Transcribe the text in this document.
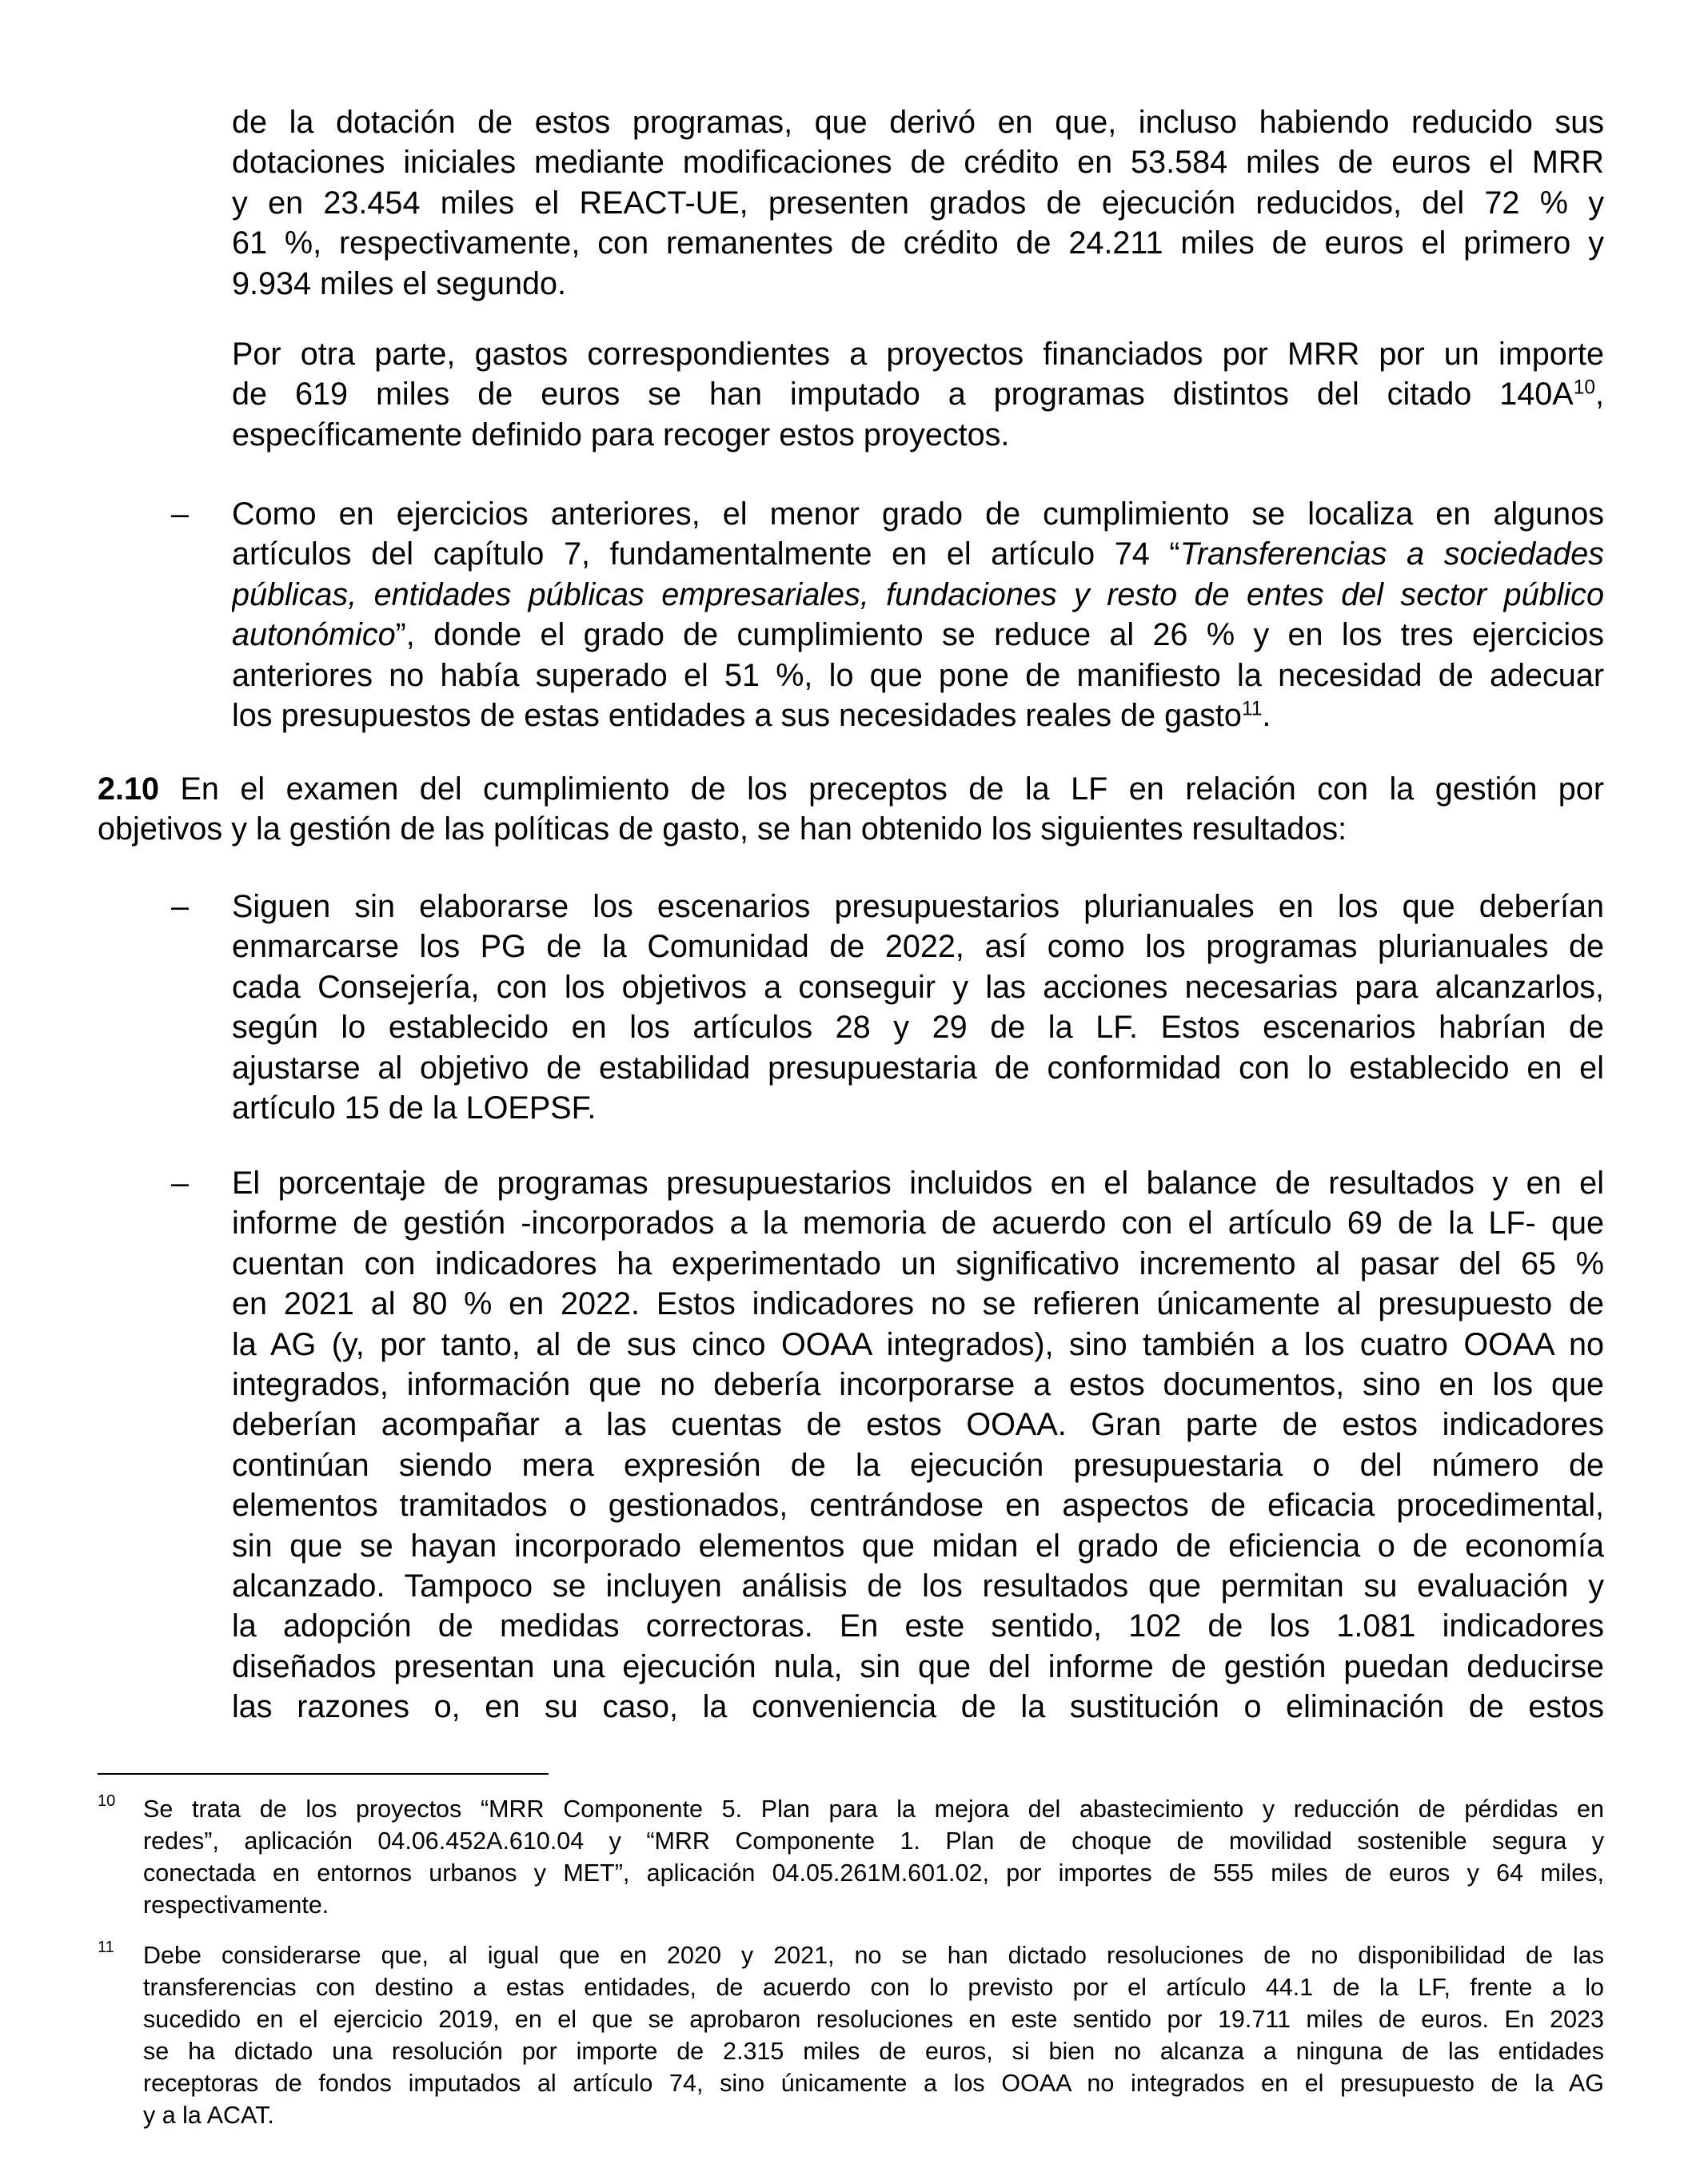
de la dotación de estos programas, que derivó en que, incluso habiendo reducido sus
dotaciones iniciales mediante modificaciones de crédito en 53.584 miles de euros el MRR
y en 23.454 miles el REACT-UE, presenten grados de ejecución reducidos, del 72 % y
61 %, respectivamente, con remanentes de crédito de 24.211 miles de euros el primero y
9.934 miles el segundo.
Por otra parte, gastos correspondientes a proyectos financiados por MRR por un importe
de 619 miles de euros se han imputado a programas distintos del citado $140A^{10}$,
específicamente definido para recoger estos proyectos.
Como en ejercicios anteriores, el menor grado de cumplimiento se localiza en algunos
artículos del capítulo 7, fundamentalmente en el artículo 74 “Transferencias a sociedades
públicas, entidades públicas empresariales, fundaciones y resto de entes del sector público
autonómico”, donde el grado de cumplimiento se reduce al 26 % y en los tres ejercicios
anteriores no había superado el 51 %, lo que pone de manifiesto la necesidad de adecuar
los presupuestos de estas entidades a sus necesidades reales de gasto$^{11}$.
–
2.10 En el examen del cumplimiento de los preceptos de la LF en relación con la gestión por
objetivos y la gestión de las políticas de gasto, se han obtenido los siguientes resultados:
Siguen sin elaborarse los escenarios presupuestarios plurianuales en los que deberían
enmarcarse los PG de la Comunidad de 2022, así como los programas plurianuales de
cada Consejería, con los objetivos a conseguir y las acciones necesarias para alcanzarlos,
según lo establecido en los artículos 28 y 29 de la LF. Estos escenarios habrían de
ajustarse al objetivo de estabilidad presupuestaria de conformidad con lo establecido en el
artículo 15 de la LOEPSF.
–
El porcentaje de programas presupuestarios incluidos en el balance de resultados y en el
informe de gestión -incorporados a la memoria de acuerdo con el artículo 69 de la LF- que
cuentan con indicadores ha experimentado un significativo incremento al pasar del 65 %
en 2021 al 80 % en 2022. Estos indicadores no se refieren únicamente al presupuesto de
la AG (y, por tanto, al de sus cinco OOAA integrados), sino también a los cuatro OOAA no
integrados, información que no debería incorporarse a estos documentos, sino en los que
deberían acompañar a las cuentas de estos OOAA. Gran parte de estos indicadores
continúan siendo mera expresión de la ejecución presupuestaria o del número de
elementos tramitados o gestionados, centrándose en aspectos de eficacia procedimental,
sin que se hayan incorporado elementos que midan el grado de eficiencia o de economía
alcanzado. Tampoco se incluyen análisis de los resultados que permitan su evaluación y
la adopción de medidas correctoras. En este sentido, 102 de los 1.081 indicadores
diseñados presentan una ejecución nula, sin que del informe de gestión puedan deducirse
las razones o, en su caso, la conveniencia de la sustitución o eliminación de estos
–
10 Se trata de los proyectos “MRR Componente 5. Plan para la mejora del abastecimiento y reducción de pérdidas en
redes”, aplicación 04.06.452A.610.04 y “MRR Componente 1. Plan de choque de movilidad sostenible segura y
conectada en entornos urbanos y MET”, aplicación 04.05.261M.601.02, por importes de 555 miles de euros y 64 miles,
respectivamente.
11 Debe considerarse que, al igual que en 2020 y 2021, no se han dictado resoluciones de no disponibilidad de las
transferencias con destino a estas entidades, de acuerdo con lo previsto por el artículo 44.1 de la LF, frente a lo
sucedido en el ejercicio 2019, en el que se aprobaron resoluciones en este sentido por 19.711 miles de euros. En 2023
se ha dictado una resolución por importe de 2.315 miles de euros, si bien no alcanza a ninguna de las entidades
receptoras de fondos imputados al artículo 74, sino únicamente a los OOAA no integrados en el presupuesto de la AG
y a la ACAT.
